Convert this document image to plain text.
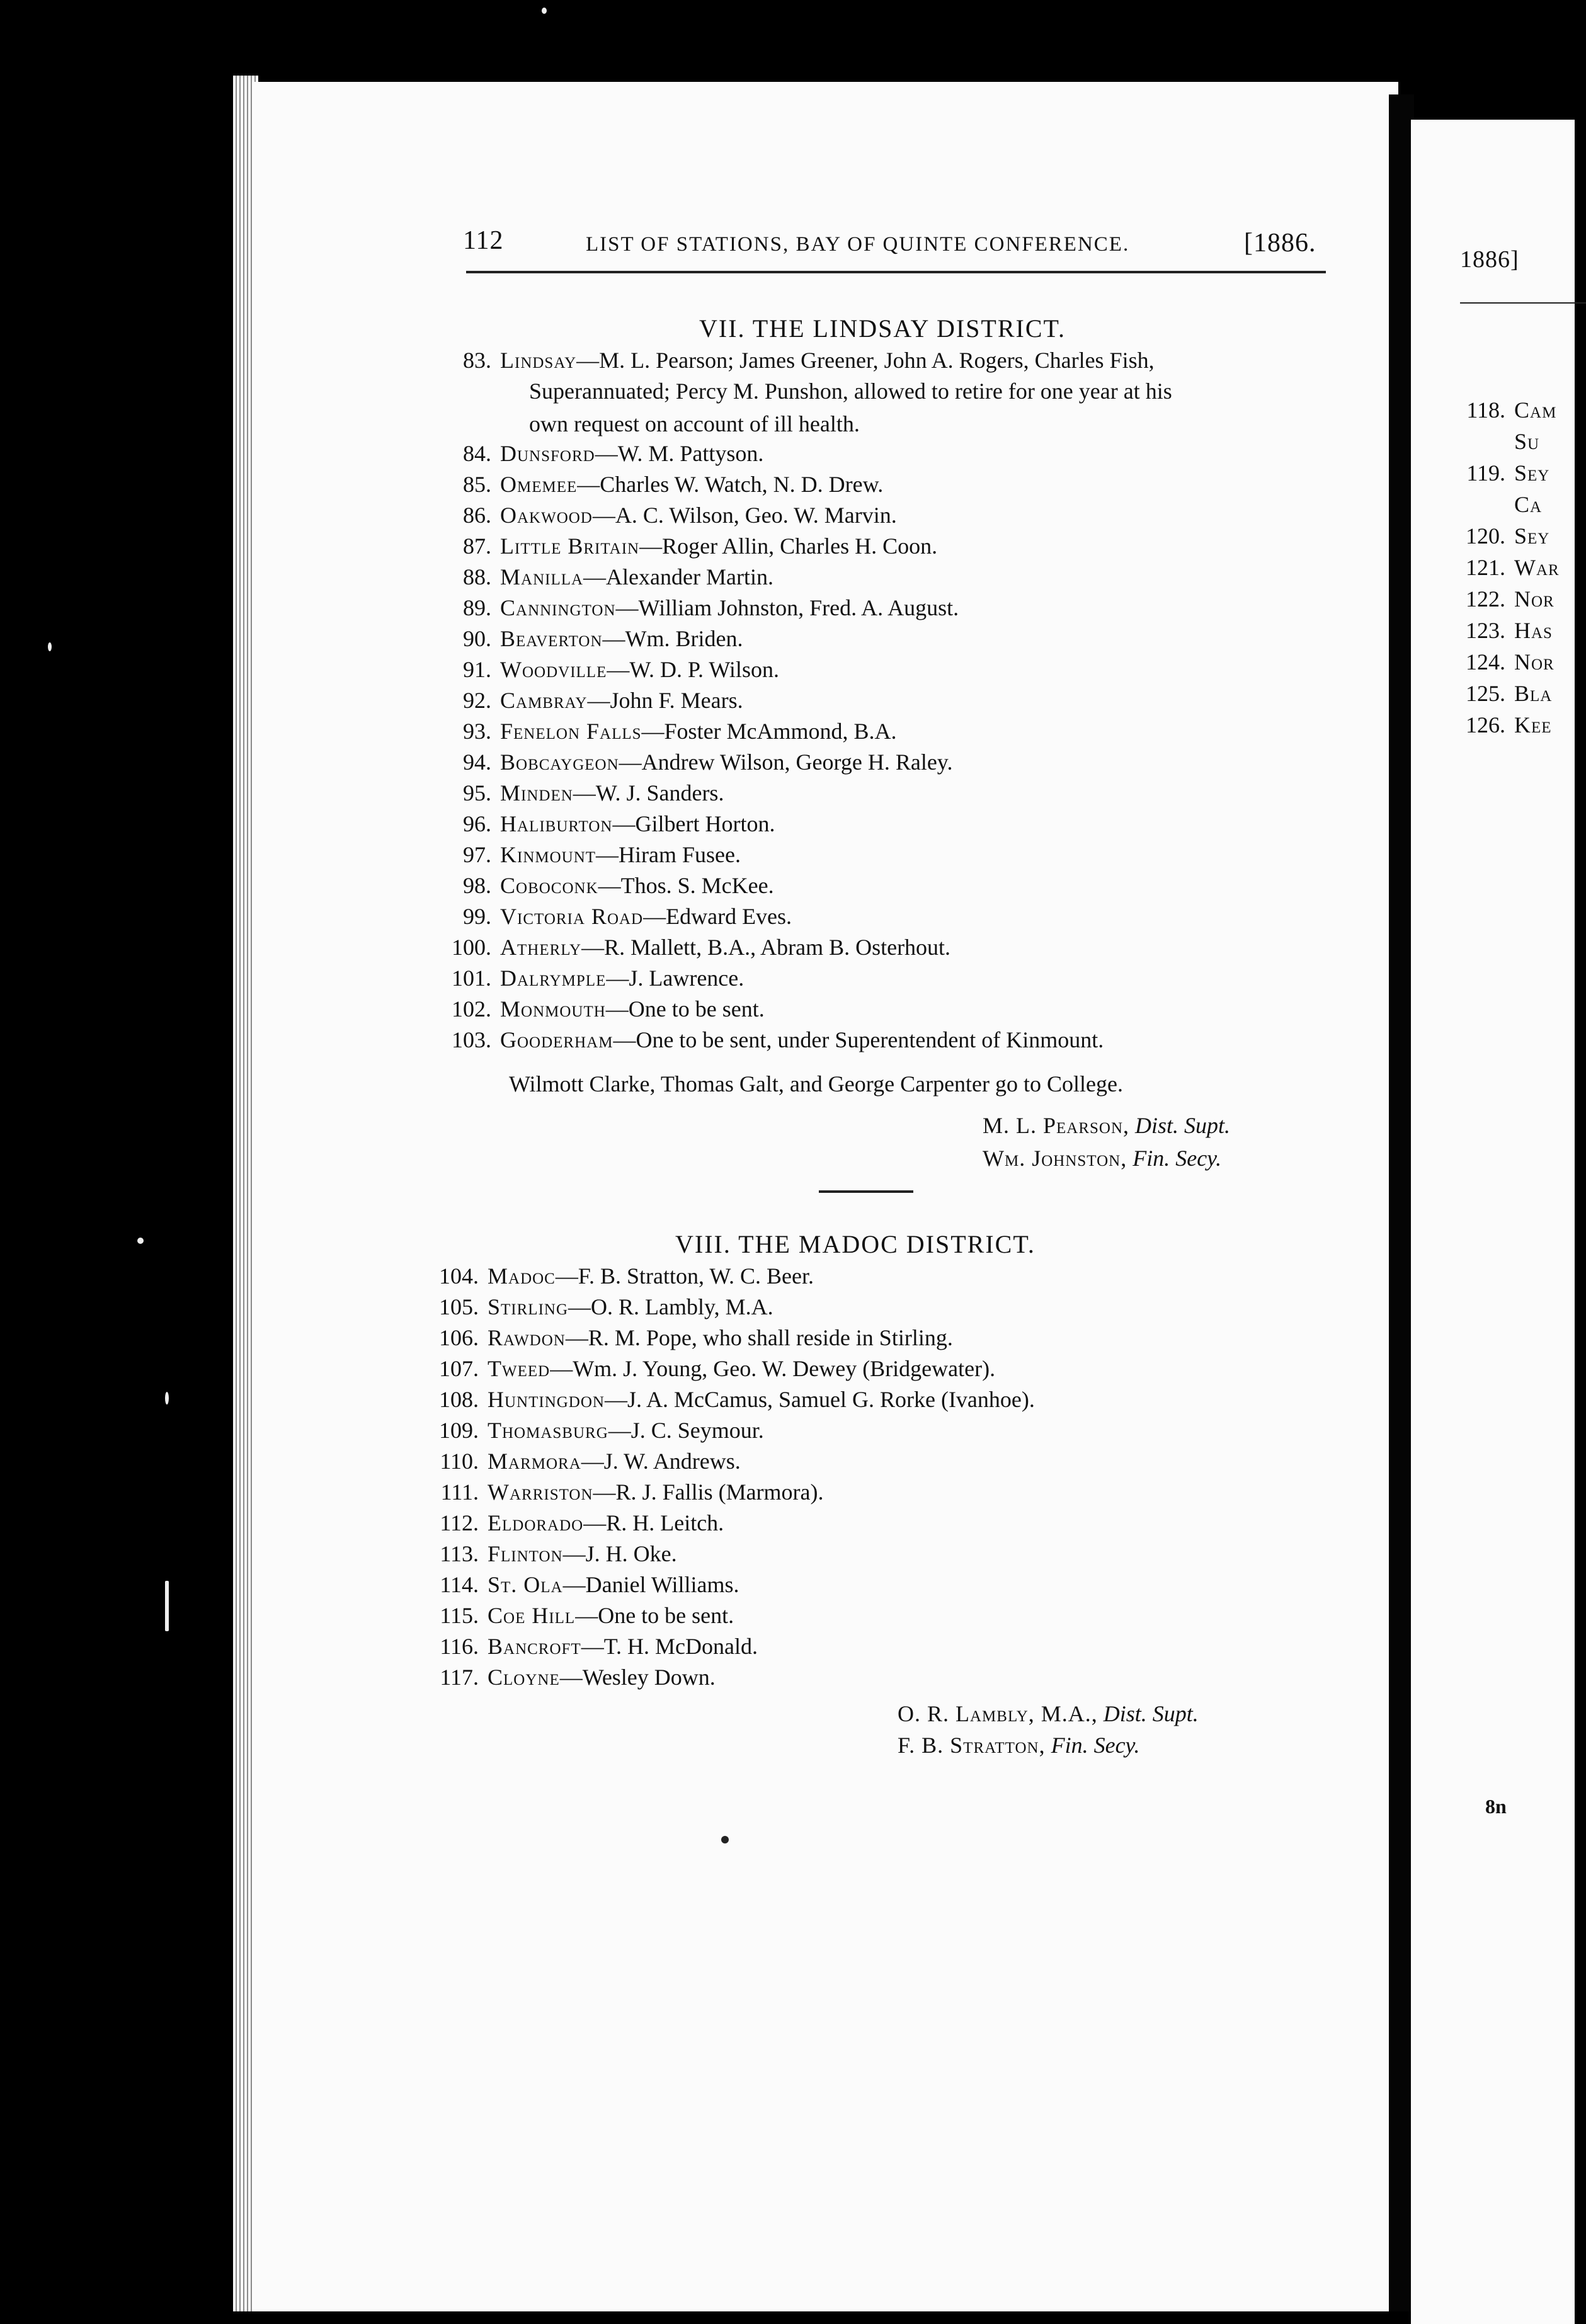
112	LIST OF STATIONS, BAY OF QUINTE CONFERENCE.	[1886.
VII. THE LINDSAY DISTRICT.
83. Lindsay—M. L. Pearson; James Greener, John A. Rogers, Charles Fish,
84. Dunsford—W. M. Pattyson.
85. Omemee—Charles W. Watch, N. D. Drew.
86. Oakwood—A. C. Wilson, Geo. W. Marvin.
87. Little Britain—Roger Allin, Charles H. Coon.
88. Manilla—Alexander Martin.
89. Cannington—William Johnston, Fred. A. August.
90. Beaverton—Wm. Briden.
91. Woodville—W. D. P. Wilson.
92. Cambray—John F. Mears.
93. Fenelon Falls—Foster McAmmond, B.A.
94. Bobcaygeon—Andrew Wilson, George H. Raley.
95. Minden—W. J. Sanders.
96. Haliburton—Gilbert Horton.
97. Kinmount—Hiram Fusee.
98. Coboconk—Thos. S. McKee.
99. Victoria Road—Edward Eves.
100. Atherly—R. Mallett, B.A., Abram B. Osterhout.
101. Dalrymple—J. Lawrence.
102. Monmouth—One to be sent.
103. Gooderham—One to be sent, under Superentendent of Kinmount.
Superannuated; Percy M. Punshon, allowed to retire for one year at his
own request on account of ill health.
Wilmott Clarke, Thomas Galt, and George Carpenter go to College.
M. L. Pearson, Dist. Supt.
Wm. Johnston, Fin. Secy.
VIII. THE MADOC DISTRICT.
104. Madoc—F. B. Stratton, W. C. Beer.
105. Stirling—O. R. Lambly, M.A.
106. Rawdon—R. M. Pope, who shall reside in Stirling.
107. Tweed—Wm. J. Young, Geo. W. Dewey (Bridgewater).
108. Huntingdon—J. A. McCamus, Samuel G. Rorke (Ivanhoe).
109. Thomasburg—J. C. Seymour.
110. Marmora—J. W. Andrews.
111. Warriston—R. J. Fallis (Marmora).
112. Eldorado—R. H. Leitch.
113. Flinton—J. H. Oke.
114. St. Ola—Daniel Williams.
115. Coe Hill—One to be sent.
116. Bancroft—T. H. McDonald.
117. Cloyne—Wesley Down.
O. R. Lambly, M.A., Dist. Supt.
F. B. Stratton, Fin. Secy.
1886]
118. Cam
Su
119. Sey
Ca
120. Sey
121. War
122. Nor
123. Has
124. Nor
125. Bla
126. Kee
8n
